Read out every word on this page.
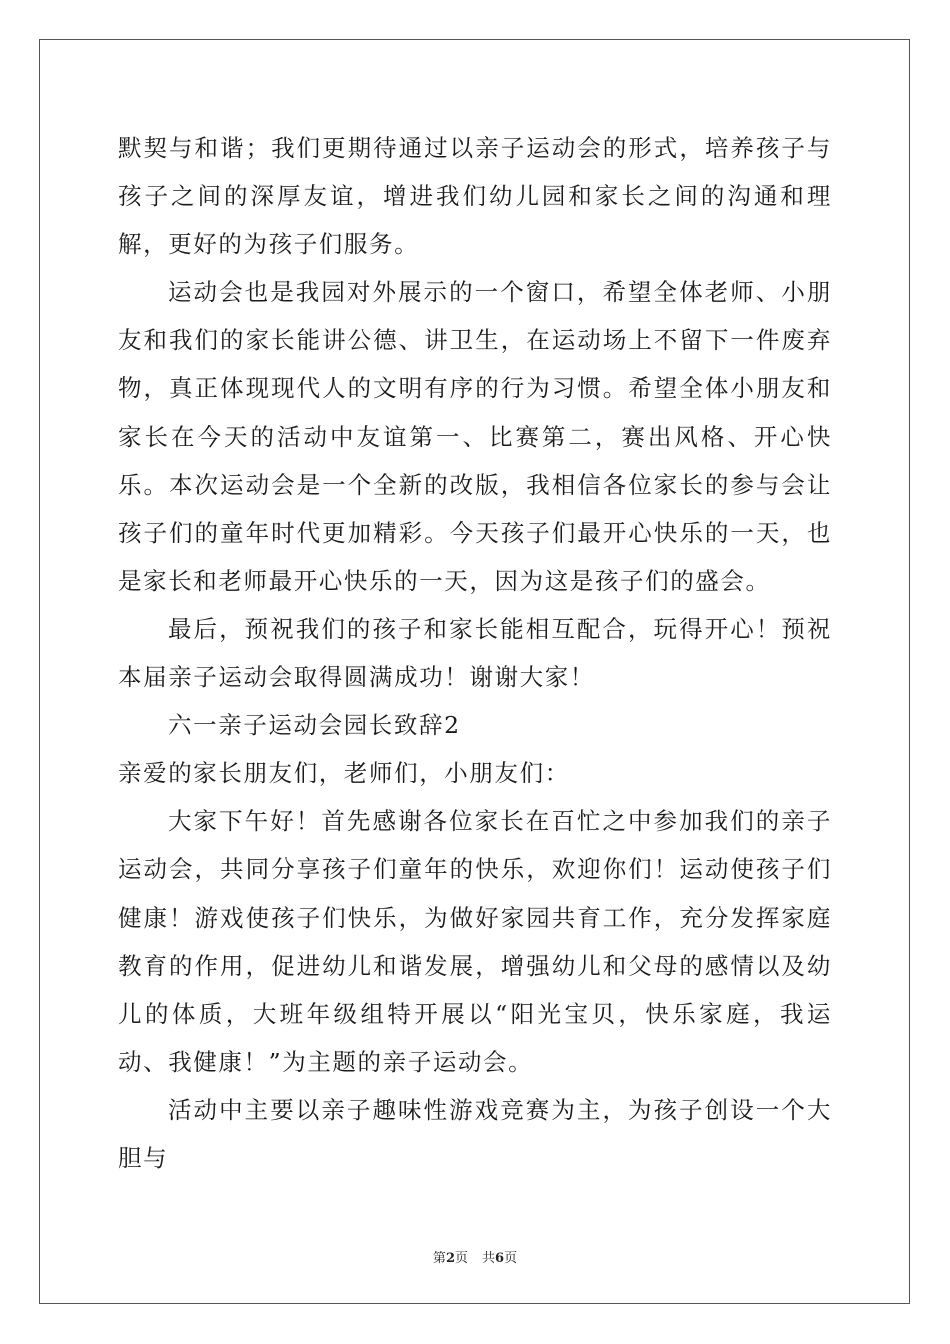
默契与和谐；我们更期待通过以亲子运动会的形式，培养孩子与孩子之间的深厚友谊，增进我们幼儿园和家长之间的沟通和理解，更好的为孩子们服务。

运动会也是我园对外展示的一个窗口，希望全体老师、小朋友和我们的家长能讲公德、讲卫生，在运动场上不留下一件废弃物，真正体现现代人的文明有序的行为习惯。希望全体小朋友和家长在今天的活动中友谊第一、比赛第二，赛出风格、开心快乐。本次运动会是一个全新的改版，我相信各位家长的参与会让孩子们的童年时代更加精彩。今天孩子们最开心快乐的一天，也是家长和老师最开心快乐的一天，因为这是孩子们的盛会。

最后，预祝我们的孩子和家长能相互配合，玩得开心！预祝本届亲子运动会取得圆满成功！谢谢大家！

六一亲子运动会园长致辞2

亲爱的家长朋友们，老师们，小朋友们：

大家下午好！首先感谢各位家长在百忙之中参加我们的亲子运动会，共同分享孩子们童年的快乐，欢迎你们！运动使孩子们健康！游戏使孩子们快乐，为做好家园共育工作，充分发挥家庭教育的作用，促进幼儿和谐发展，增强幼儿和父母的感情以及幼儿的体质，大班年级组特开展以“阳光宝贝，快乐家庭，我运动、我健康！”为主题的亲子运动会。

活动中主要以亲子趣味性游戏竞赛为主，为孩子创设一个大胆与

第2页 共6页
